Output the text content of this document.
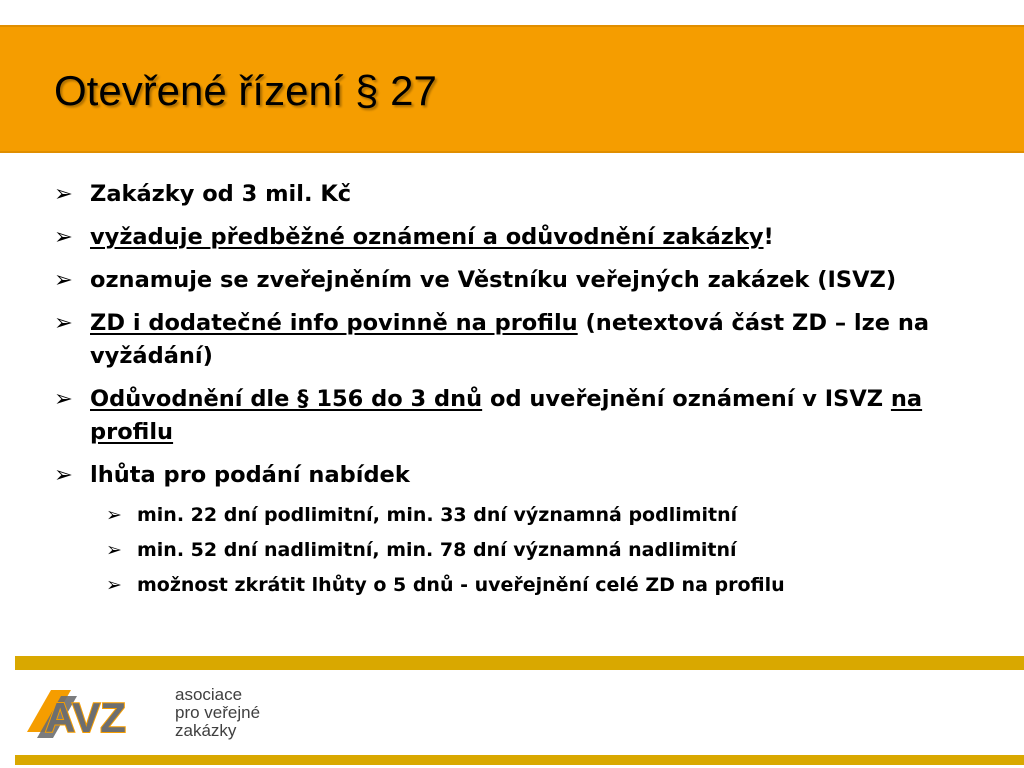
Otevřené řízení § 27
➢ Zakázky od 3 mil. Kč
➢ vyžaduje předběžné oznámení a odůvodnění zakázky!
➢ oznamuje se zveřejněním ve Věstníku veřejných zakázek (ISVZ)
➢ ZD i dodatečné info povinně na profilu (netextová část ZD – lze na vyžádání)
➢ Odůvodnění dle § 156 do 3 dnů od uveřejnění oznámení v ISVZ na profilu
➢ lhůta pro podání nabídek
➢ min. 22 dní podlimitní, min. 33 dní významná podlimitní
➢ min. 52 dní nadlimitní, min. 78 dní významná nadlimitní
➢ možnost zkrátit lhůty o 5 dnů - uveřejnění celé ZD na profilu
AVZ	asociace
pro veřejné
zakázky
